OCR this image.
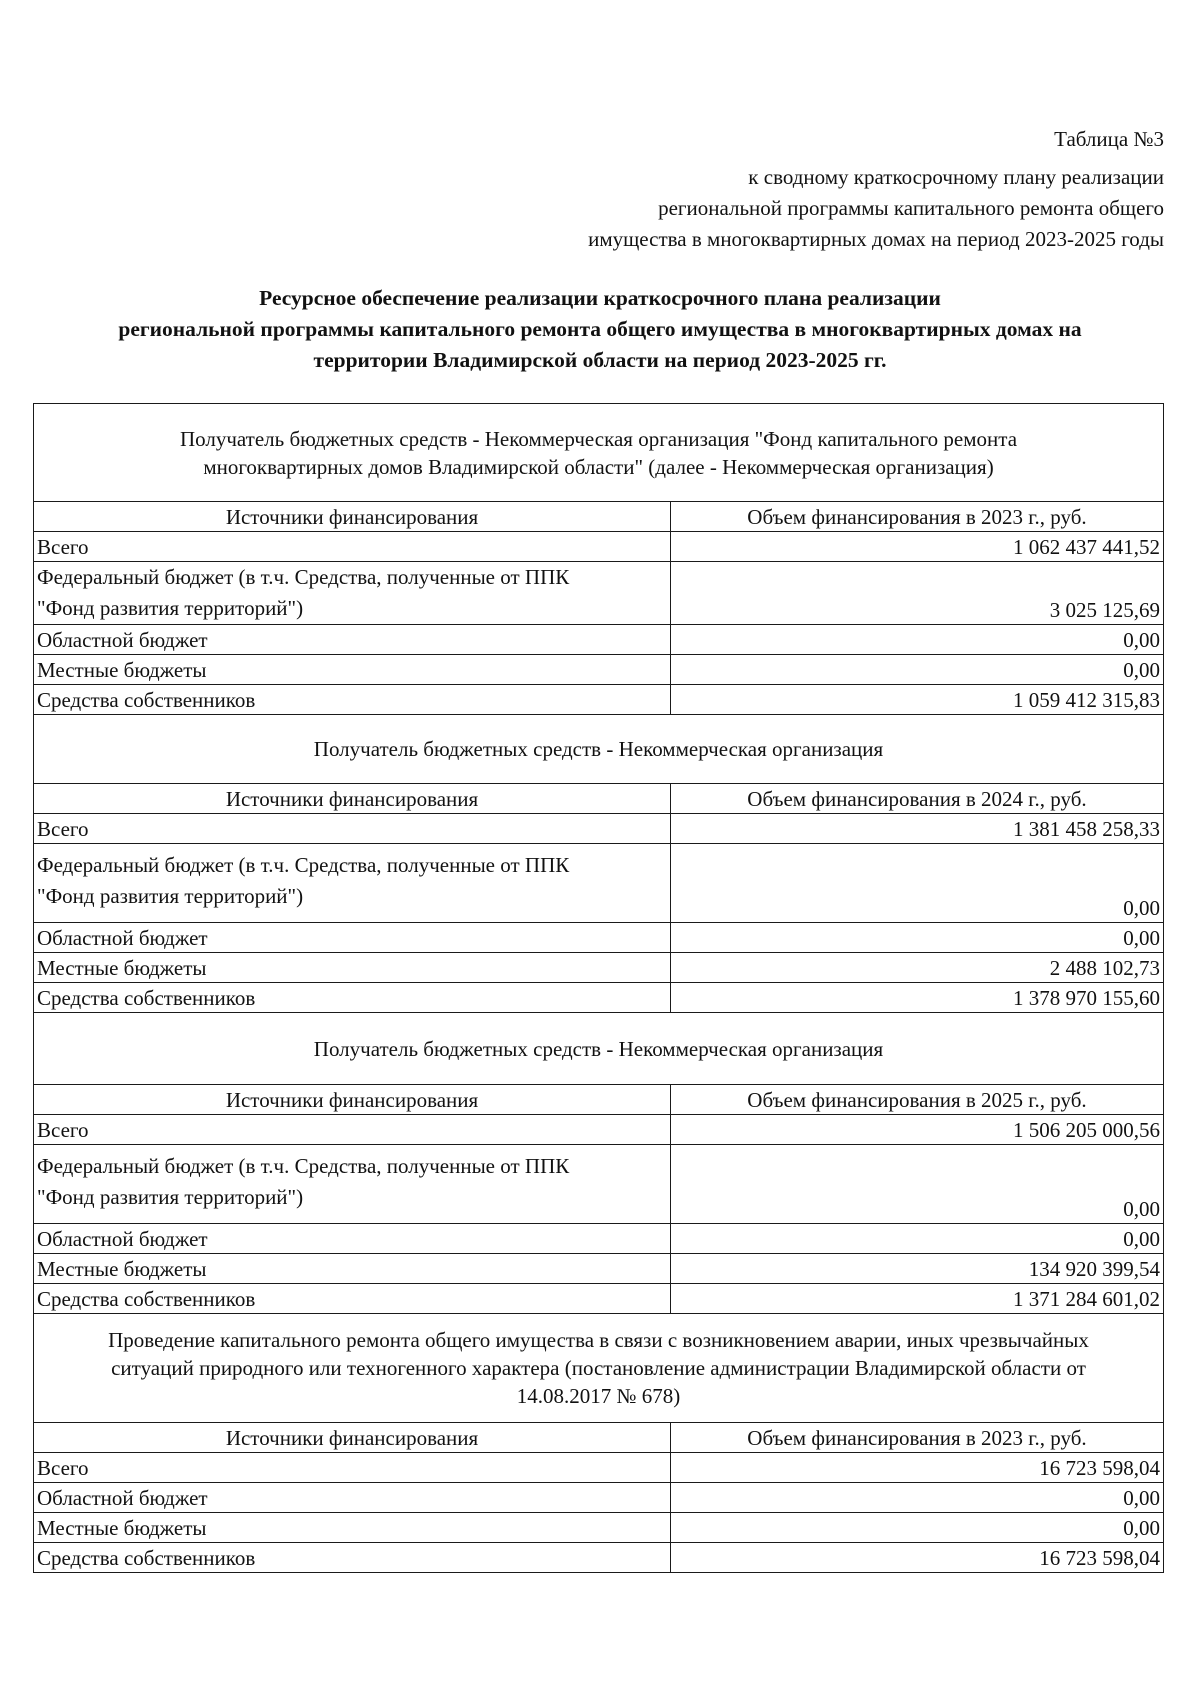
Таблица №3
к сводному краткосрочному плану реализации
региональной программы капитального ремонта общего
имущества в многоквартирных домах на период 2023-2025 годы
Ресурсное обеспечение реализации краткосрочного плана реализации
региональной программы капитального ремонта общего имущества в многоквартирных домах на
территории Владимирской области на период 2023-2025 гг.
Получатель бюджетных средств - Некоммерческая организация "Фонд капитального ремонта многоквартирных домов Владимирской области" (далее - Некоммерческая организация)	
Источники финансирования	Объем финансирования в 2023 г., руб.
Всего	1 062 437 441,52

Федеральный бюджет (в т.ч. Средства, полученные от ППК
"Фонд развития территорий")	3 025 125,69
Областной бюджет	0,00
Местные бюджеты	0,00
Средства собственников	1 059 412 315,83
Получатель бюджетных средств - Некоммерческая организация	
Источники финансирования	Объем финансирования в 2024 г., руб.
Всего	1 381 458 258,33

Федеральный бюджет (в т.ч. Средства, полученные от ППК
"Фонд развития территорий")	0,00
Областной бюджет	0,00
Местные бюджеты	2 488 102,73
Средства собственников	1 378 970 155,60
Получатель бюджетных средств - Некоммерческая организация	
Источники финансирования	Объем финансирования в 2025 г., руб.
Всего	1 506 205 000,56

Федеральный бюджет (в т.ч. Средства, полученные от ППК
"Фонд развития территорий")	0,00
Областной бюджет	0,00
Местные бюджеты	134 920 399,54
Средства собственников	1 371 284 601,02
Проведение капитального ремонта общего имущества в связи с возникновением аварии, иных чрезвычайных ситуаций природного или техногенного характера (постановление администрации Владимирской области от 14.08.2017 № 678)	
Источники финансирования	Объем финансирования в 2023 г., руб.
Всего	16 723 598,04
Областной бюджет	0,00
Местные бюджеты	0,00
Средства собственников	16 723 598,04
